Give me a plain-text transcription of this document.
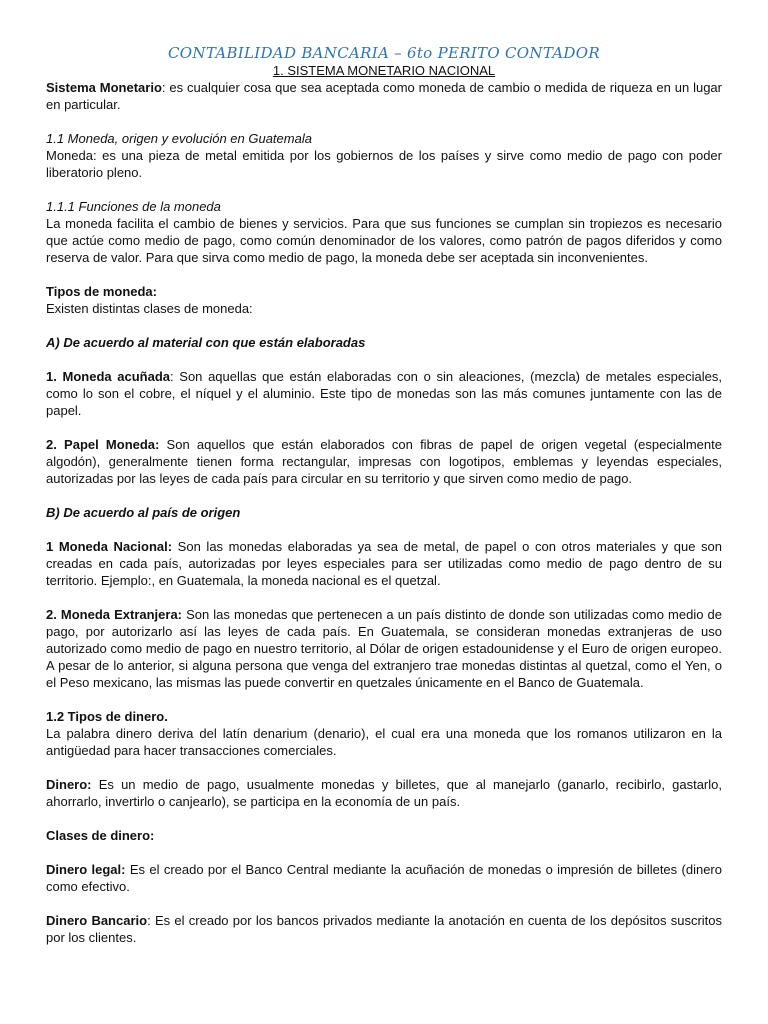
CONTABILIDAD BANCARIA – 6to PERITO CONTADOR
1. SISTEMA MONETARIO NACIONAL

Sistema Monetario: es cualquier cosa que sea aceptada como moneda de cambio o medida de riqueza en un lugar en particular.

1.1 Moneda, origen y evolución en Guatemala

Moneda: es una pieza de metal emitida por los gobiernos de los países y sirve como medio de pago con poder liberatorio pleno.

1.1.1 Funciones de la moneda

La moneda facilita el cambio de bienes y servicios. Para que sus funciones se cumplan sin tropiezos es necesario que actúe como medio de pago, como común denominador de los valores, como patrón de pagos diferidos y como reserva de valor. Para que sirva como medio de pago, la moneda debe ser aceptada sin inconvenientes.

Tipos de moneda:

Existen distintas clases de moneda:

A) De acuerdo al material con que están elaboradas

1. Moneda acuñada: Son aquellas que están elaboradas con o sin aleaciones, (mezcla) de metales especiales, como lo son el cobre, el níquel y el aluminio. Este tipo de monedas son las más comunes juntamente con las de papel.

2. Papel Moneda: Son aquellos que están elaborados con fibras de papel de origen vegetal (especialmente algodón), generalmente tienen forma rectangular, impresas con logotipos, emblemas y leyendas especiales, autorizadas por las leyes de cada país para circular en su territorio y que sirven como medio de pago.

B) De acuerdo al país de origen

1 Moneda Nacional: Son las monedas elaboradas ya sea de metal, de papel o con otros materiales y que son creadas en cada país, autorizadas por leyes especiales para ser utilizadas como medio de pago dentro de su territorio. Ejemplo:, en Guatemala, la moneda nacional es el quetzal.

2. Moneda Extranjera: Son las monedas que pertenecen a un país distinto de donde son utilizadas como medio de pago, por autorizarlo así las leyes de cada país. En Guatemala, se consideran monedas extranjeras de uso autorizado como medio de pago en nuestro territorio, al Dólar de origen estadounidense y el Euro de origen europeo. A pesar de lo anterior, si alguna persona que venga del extranjero trae monedas distintas al quetzal, como el Yen, o el Peso mexicano, las mismas las puede convertir en quetzales únicamente en el Banco de Guatemala.

1.2 Tipos de dinero.

La palabra dinero deriva del latín denarium (denario), el cual era una moneda que los romanos utilizaron en la antigüedad para hacer transacciones comerciales.

Dinero: Es un medio de pago, usualmente monedas y billetes, que al manejarlo (ganarlo, recibirlo, gastarlo, ahorrarlo, invertirlo o canjearlo), se participa en la economía de un país.

Clases de dinero:

Dinero legal: Es el creado por el Banco Central mediante la acuñación de monedas o impresión de billetes (dinero como efectivo.

Dinero Bancario: Es el creado por los bancos privados mediante la anotación en cuenta de los depósitos suscritos por los clientes.
